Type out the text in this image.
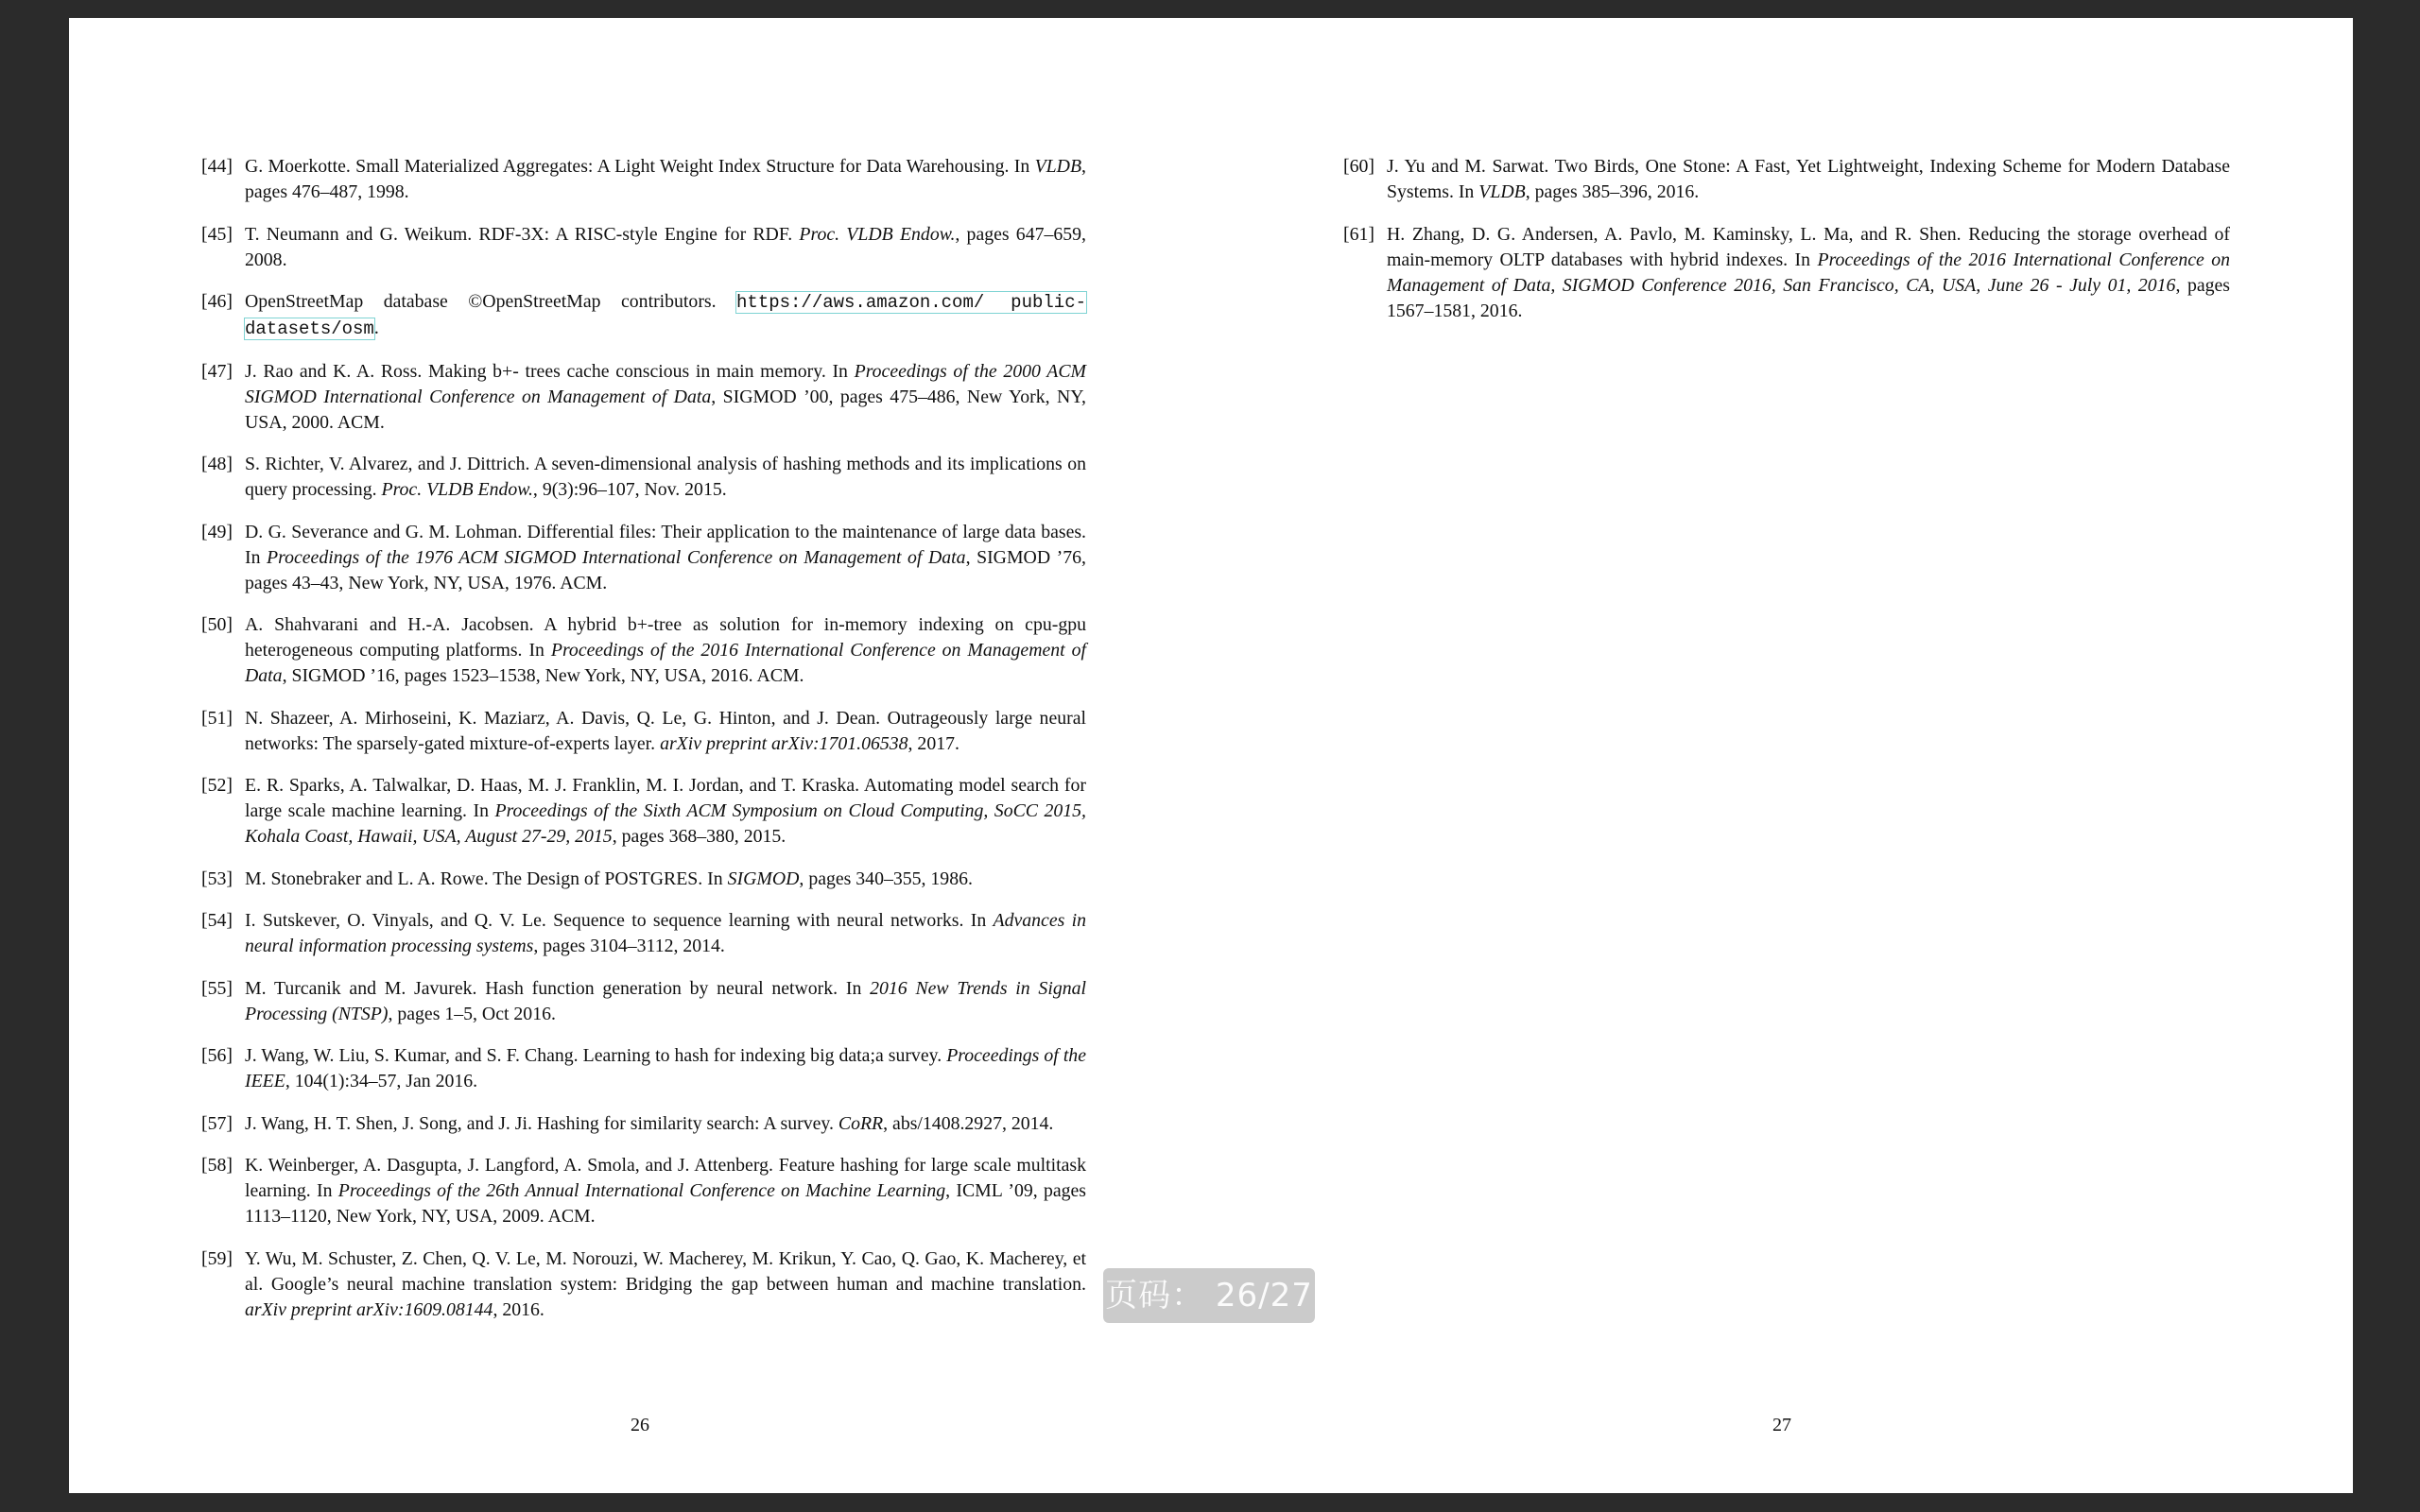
[44] G. Moerkotte. Small Materialized Aggregates: A Light Weight Index Structure for Data Warehousing. In VLDB, pages 476–487, 1998.
[45] T. Neumann and G. Weikum. RDF-3X: A RISC-style Engine for RDF. Proc. VLDB Endow., pages 647–659, 2008.
[46] OpenStreetMap database ©OpenStreetMap contributors. https://aws.amazon.com/ public-datasets/osm.
[47] J. Rao and K. A. Ross. Making b+- trees cache conscious in main memory. In Proceedings of the 2000 ACM SIGMOD International Conference on Management of Data, SIGMOD ’00, pages 475–486, New York, NY, USA, 2000. ACM.
[48] S. Richter, V. Alvarez, and J. Dittrich. A seven-dimensional analysis of hashing methods and its implications on query processing. Proc. VLDB Endow., 9(3):96–107, Nov. 2015.
[49] D. G. Severance and G. M. Lohman. Differential files: Their application to the maintenance of large data bases. In Proceedings of the 1976 ACM SIGMOD International Conference on Management of Data, SIGMOD ’76, pages 43–43, New York, NY, USA, 1976. ACM.
[50] A. Shahvarani and H.-A. Jacobsen. A hybrid b+-tree as solution for in-memory indexing on cpu-gpu heterogeneous computing platforms. In Proceedings of the 2016 International Conference on Management of Data, SIGMOD ’16, pages 1523–1538, New York, NY, USA, 2016. ACM.
[51] N. Shazeer, A. Mirhoseini, K. Maziarz, A. Davis, Q. Le, G. Hinton, and J. Dean. Outrageously large neural networks: The sparsely-gated mixture-of-experts layer. arXiv preprint arXiv:1701.06538, 2017.
[52] E. R. Sparks, A. Talwalkar, D. Haas, M. J. Franklin, M. I. Jordan, and T. Kraska. Automating model search for large scale machine learning. In Proceedings of the Sixth ACM Symposium on Cloud Computing, SoCC 2015, Kohala Coast, Hawaii, USA, August 27-29, 2015, pages 368–380, 2015.
[53] M. Stonebraker and L. A. Rowe. The Design of POSTGRES. In SIGMOD, pages 340–355, 1986.
[54] I. Sutskever, O. Vinyals, and Q. V. Le. Sequence to sequence learning with neural networks. In Advances in neural information processing systems, pages 3104–3112, 2014.
[55] M. Turcanik and M. Javurek. Hash function generation by neural network. In 2016 New Trends in Signal Processing (NTSP), pages 1–5, Oct 2016.
[56] J. Wang, W. Liu, S. Kumar, and S. F. Chang. Learning to hash for indexing big data;a survey. Proceedings of the IEEE, 104(1):34–57, Jan 2016.
[57] J. Wang, H. T. Shen, J. Song, and J. Ji. Hashing for similarity search: A survey. CoRR, abs/1408.2927, 2014.
[58] K. Weinberger, A. Dasgupta, J. Langford, A. Smola, and J. Attenberg. Feature hashing for large scale multitask learning. In Proceedings of the 26th Annual International Conference on Machine Learning, ICML ’09, pages 1113–1120, New York, NY, USA, 2009. ACM.
[59] Y. Wu, M. Schuster, Z. Chen, Q. V. Le, M. Norouzi, W. Macherey, M. Krikun, Y. Cao, Q. Gao, K. Macherey, et al. Google’s neural machine translation system: Bridging the gap between human and machine translation. arXiv preprint arXiv:1609.08144, 2016.
26
[60] J. Yu and M. Sarwat. Two Birds, One Stone: A Fast, Yet Lightweight, Indexing Scheme for Modern Database Systems. In VLDB, pages 385–396, 2016.
[61] H. Zhang, D. G. Andersen, A. Pavlo, M. Kaminsky, L. Ma, and R. Shen. Reducing the storage overhead of main-memory OLTP databases with hybrid indexes. In Proceedings of the 2016 International Conference on Management of Data, SIGMOD Conference 2016, San Francisco, CA, USA, June 26 - July 01, 2016, pages 1567–1581, 2016.
27
页码： 26/27
